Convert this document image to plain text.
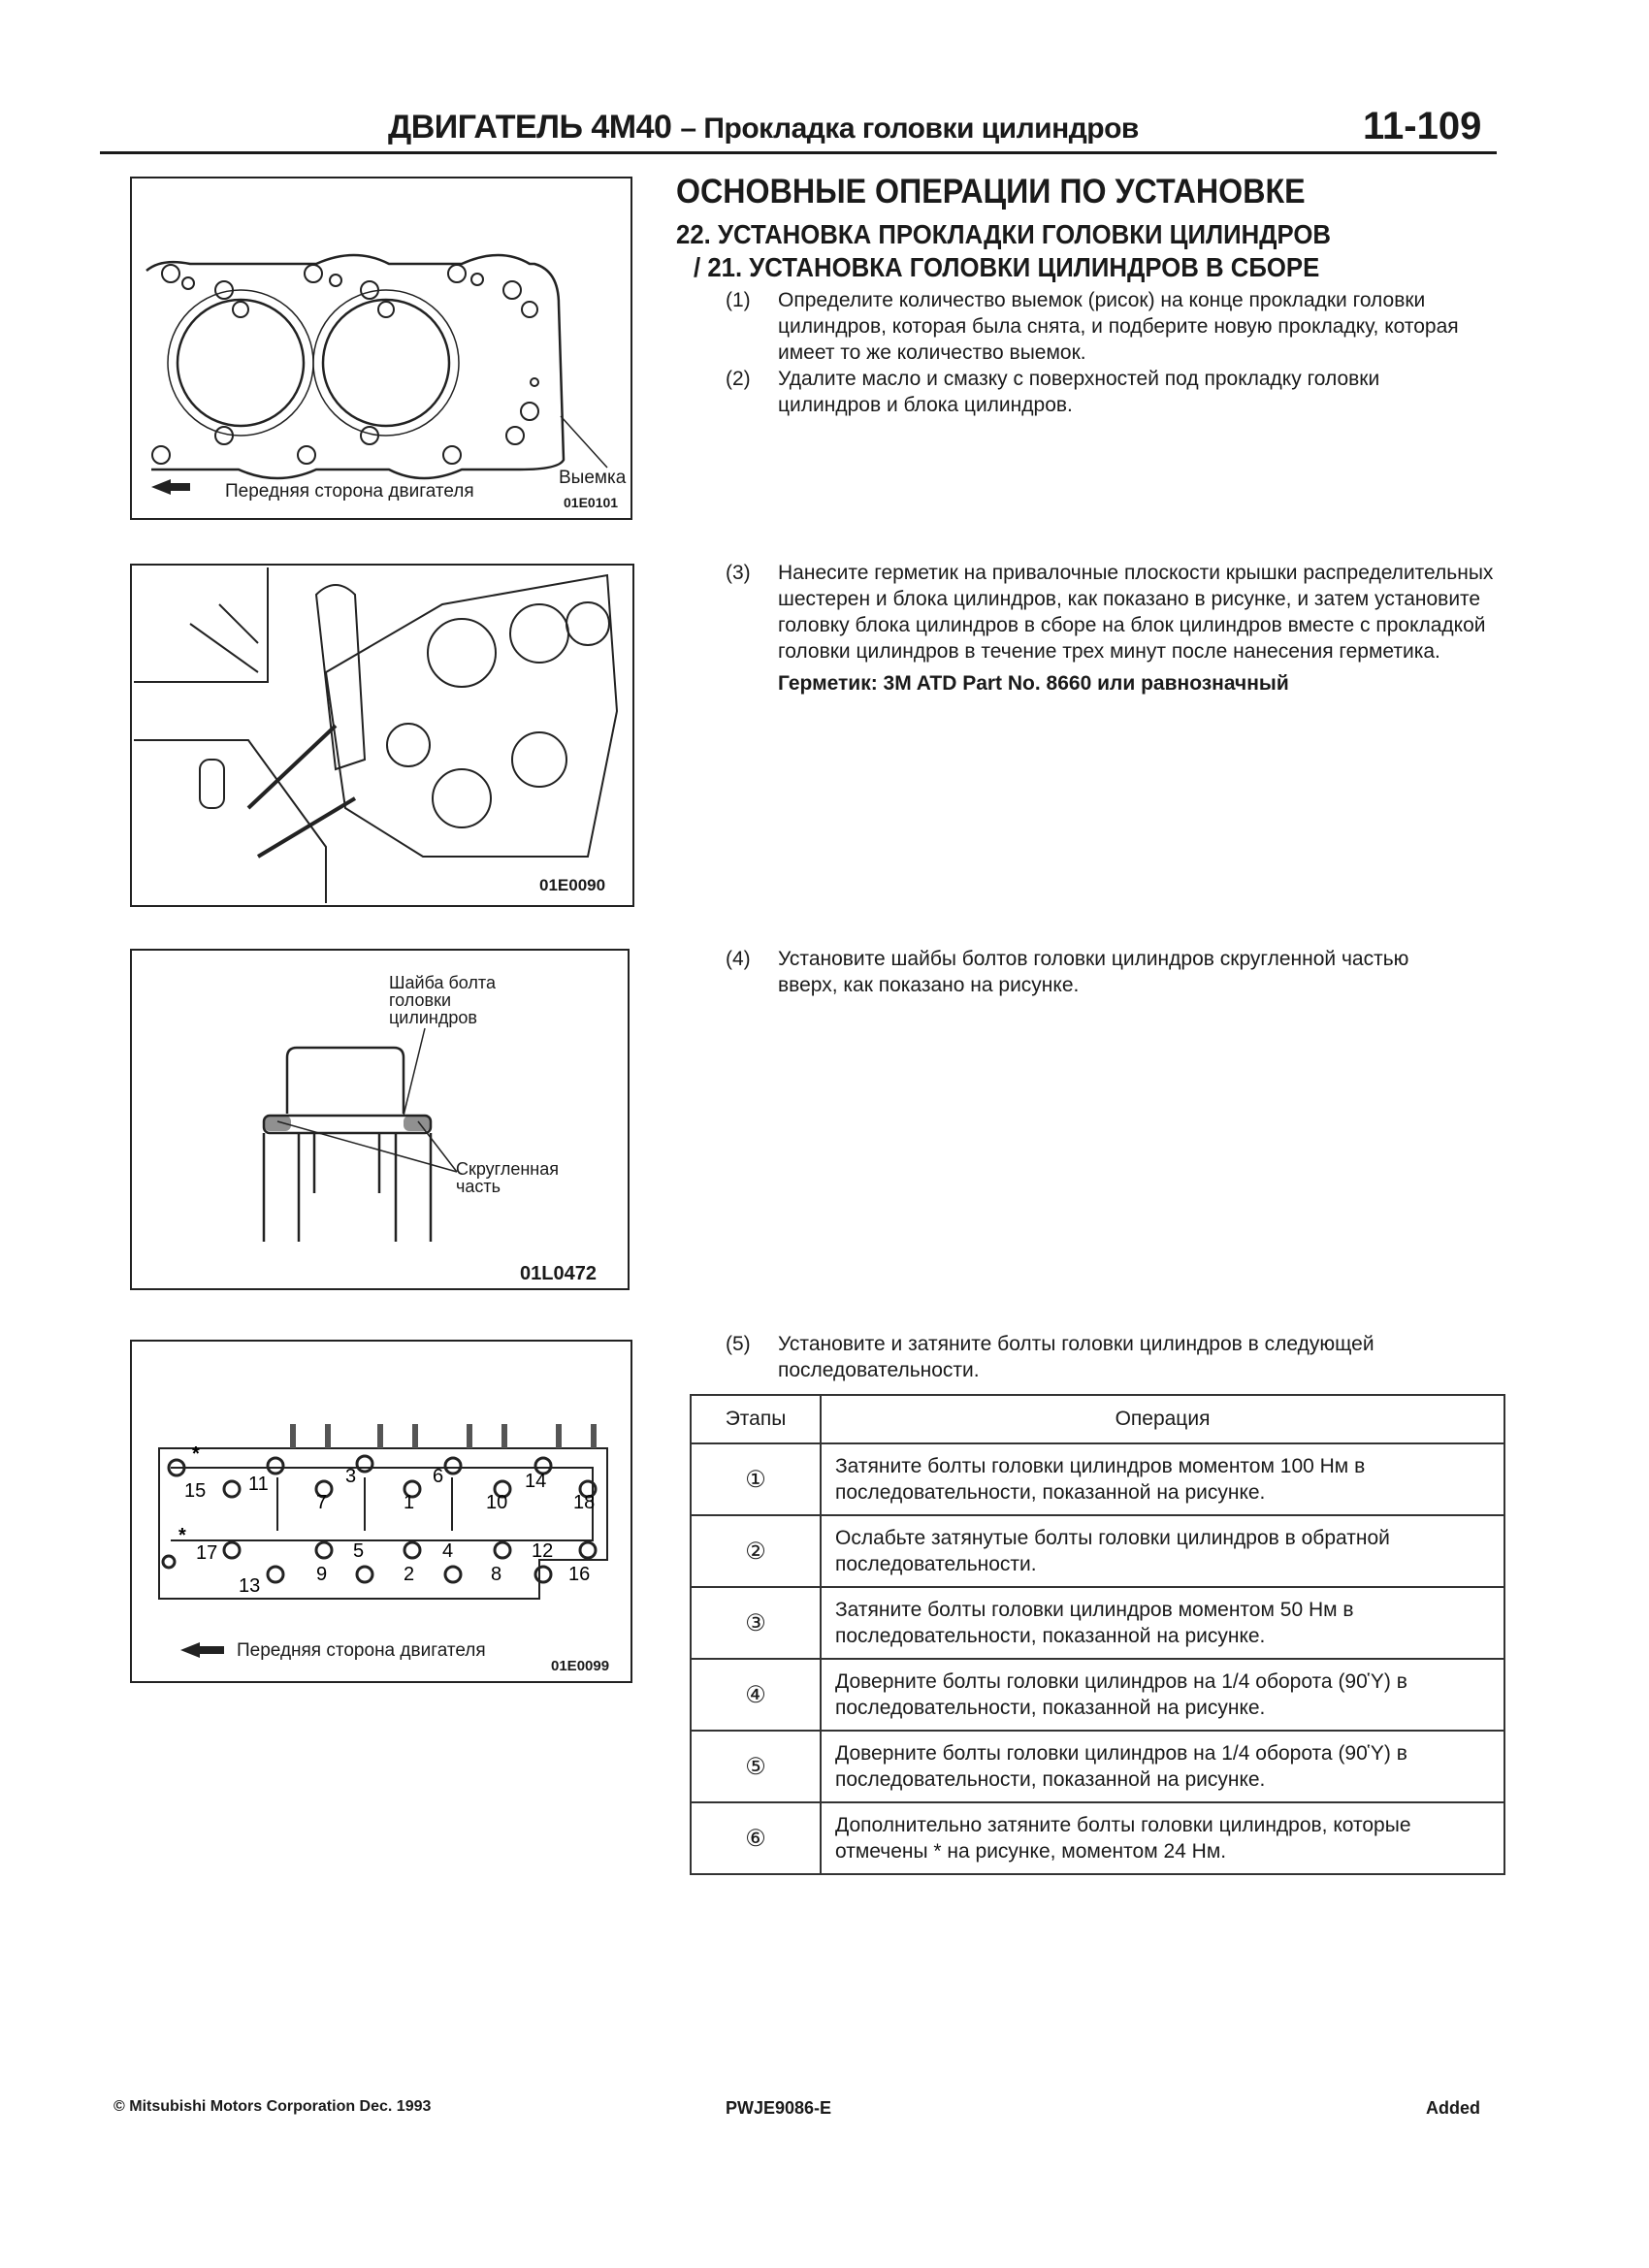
ДВИГАТЕЛЬ 4M40 – Прокладка головки цилиндров	11-109
Выемка
Передняя сторона двигателя
01E0101
01E0090
Шайба болта головки цилиндров
Скругленная часть
01L0472
1
2
3
4
5
6
7
8
9
10
11
12
13
14
15
16
17
18
*
*
Передняя сторона двигателя
01E0099
ОСНОВНЫЕ ОПЕРАЦИИ ПО УСТАНОВКЕ
22. УСТАНОВКА ПРОКЛАДКИ ГОЛОВКИ ЦИЛИНДРОВ
/ 21. УСТАНОВКА ГОЛОВКИ ЦИЛИНДРОВ В СБОРЕ
(1) Определите количество выемок (рисок) на конце прокладки головки цилиндров, которая была снята, и подберите новую прокладку, которая имеет то же количество выемок.
(2) Удалите масло и смазку с поверхностей под прокладку головки цилиндров и блока цилиндров.
(3) Нанесите герметик на привалочные плоскости крышки распределительных шестерен и блока цилиндров, как показано в рисунке, и затем установите головку блока цилиндров в сборе на блок цилиндров вместе с прокладкой головки цилиндров в течение трех минут после нанесения герметика.
Герметик: 3M ATD Part No. 8660 или равнозначный
(4) Установите шайбы болтов головки цилиндров скругленной частью вверх, как показано на рисунке.
(5) Установите и затяните болты головки цилиндров в следующей последовательности.
Этапы	Операция
①	Затяните болты головки цилиндров моментом 100 Нм в последовательности, показанной на рисунке.
②	Ослабьте затянутые болты головки цилиндров в обратной последовательности.
③	Затяните болты головки цилиндров моментом 50 Нм в последовательности, показанной на рисунке.
④	Доверните болты головки цилиндров на 1/4 оборота (90Ὑ) в последовательности, показанной на рисунке.
⑤	Доверните болты головки цилиндров на 1/4 оборота (90Ὑ) в последовательности, показанной на рисунке.
⑥	Дополнительно затяните болты головки цилиндров, которые отмечены * на рисунке, моментом 24 Нм.
© Mitsubishi Motors Corporation Dec. 1993	PWJE9086-E	Added
